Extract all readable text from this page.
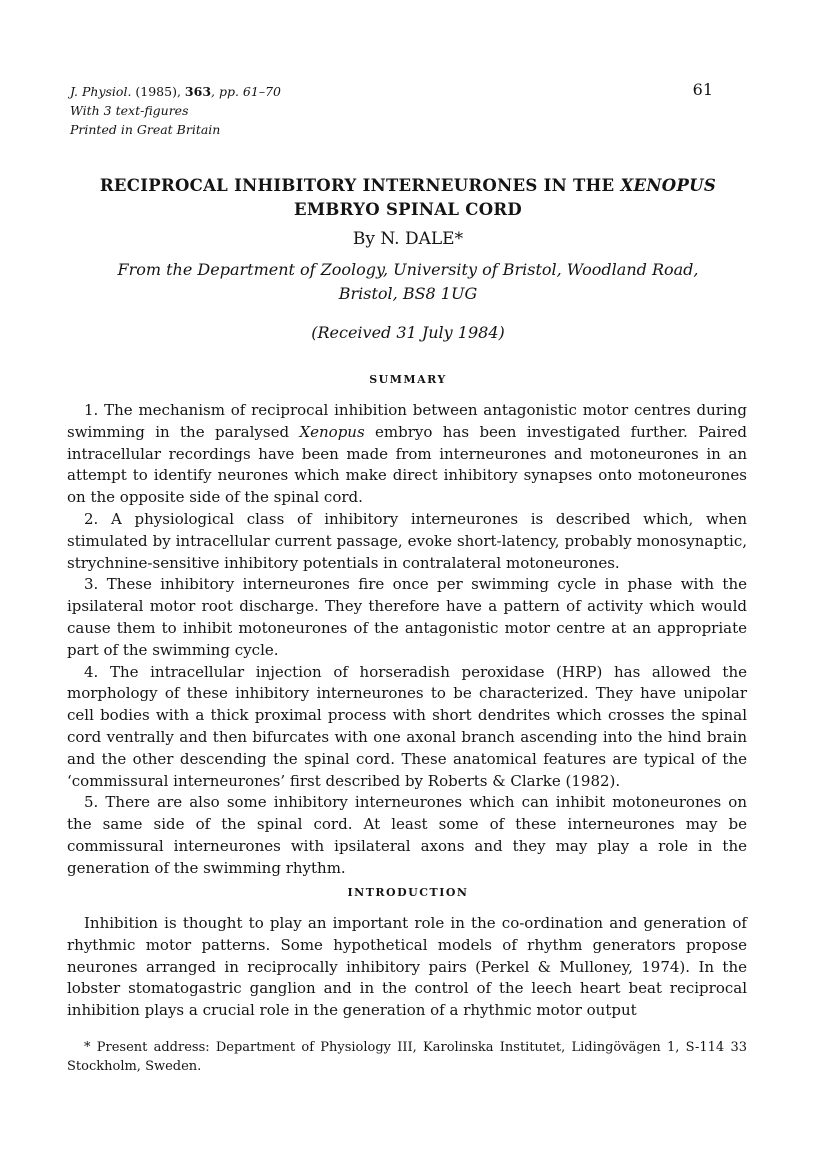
J. Physiol. (1985), 363, pp. 61–70
With 3 text-figures
Printed in Great Britain
61
RECIPROCAL INHIBITORY INTERNEURONES IN THE XENOPUS
EMBRYO SPINAL CORD
By N. DALE*
From the Department of Zoology, University of Bristol, Woodland Road,
Bristol, BS8 1UG
(Received 31 July 1984)
SUMMARY

1. The mechanism of reciprocal inhibition between antagonistic motor centres during swimming in the paralysed Xenopus embryo has been investigated further. Paired intracellular recordings have been made from interneurones and motoneurones in an attempt to identify neurones which make direct inhibitory synapses onto motoneurones on the opposite side of the spinal cord.

2. A physiological class of inhibitory interneurones is described which, when stimulated by intracellular current passage, evoke short-latency, probably monosynaptic, strychnine-sensitive inhibitory potentials in contralateral motoneurones.

3. These inhibitory interneurones fire once per swimming cycle in phase with the ipsilateral motor root discharge. They therefore have a pattern of activity which would cause them to inhibit motoneurones of the antagonistic motor centre at an appropriate part of the swimming cycle.

4. The intracellular injection of horseradish peroxidase (HRP) has allowed the morphology of these inhibitory interneurones to be characterized. They have unipolar cell bodies with a thick proximal process with short dendrites which crosses the spinal cord ventrally and then bifurcates with one axonal branch ascending into the hind brain and the other descending the spinal cord. These anatomical features are typical of the ‘commissural interneurones’ first described by Roberts & Clarke (1982).

5. There are also some inhibitory interneurones which can inhibit motoneurones on the same side of the spinal cord. At least some of these interneurones may be commissural interneurones with ipsilateral axons and they may play a role in the generation of the swimming rhythm.

INTRODUCTION

Inhibition is thought to play an important role in the co-ordination and generation of rhythmic motor patterns. Some hypothetical models of rhythm generators propose neurones arranged in reciprocally inhibitory pairs (Perkel & Mulloney, 1974). In the lobster stomatogastric ganglion and in the control of the leech heart beat reciprocal inhibition plays a crucial role in the generation of a rhythmic motor output

* Present address: Department of Physiology III, Karolinska Institutet, Lidingövägen 1, S-114 33 Stockholm, Sweden.
